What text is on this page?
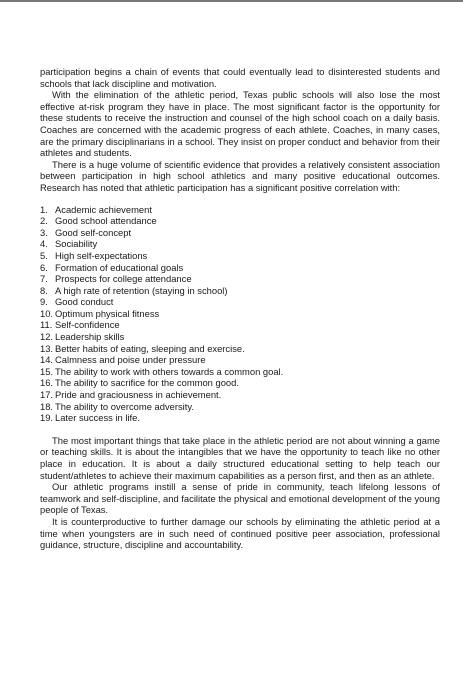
participation begins a chain of events that could eventually lead to disinterested students and schools that lack discipline and motivation.

With the elimination of the athletic period, Texas public schools will also lose the most effective at-risk program they have in place. The most significant factor is the opportunity for these students to receive the instruction and counsel of the high school coach on a daily basis. Coaches are concerned with the academic progress of each athlete. Coaches, in many cases, are the primary disciplinarians in a school. They insist on proper conduct and behavior from their athletes and students.

There is a huge volume of scientific evidence that provides a relatively consistent association between participation in high school athletics and many positive educational outcomes. Research has noted that athletic participation has a significant positive correlation with:

1. Academic achievement
2. Good school attendance
3. Good self-concept
4. Sociability
5. High self-expectations
6. Formation of educational goals
7. Prospects for college attendance
8. A high rate of retention (staying in school)
9. Good conduct
10. Optimum physical fitness
11. Self-confidence
12. Leadership skills
13. Better habits of eating, sleeping and exercise.
14. Calmness and poise under pressure
15. The ability to work with others towards a common goal.
16. The ability to sacrifice for the common good.
17. Pride and graciousness in achievement.
18. The ability to overcome adversity.
19. Later success in life.

The most important things that take place in the athletic period are not about winning a game or teaching skills. It is about the intangibles that we have the opportunity to teach like no other place in education. It is about a daily structured educational setting to help teach our student/athletes to achieve their maximum capabilities as a person first, and then as an athlete.

Our athletic programs instill a sense of pride in community, teach lifelong lessons of teamwork and self-discipline, and facilitate the physical and emotional development of the young people of Texas.

It is counterproductive to further damage our schools by eliminating the athletic period at a time when youngsters are in such need of continued positive peer association, professional guidance, structure, discipline and accountability.
